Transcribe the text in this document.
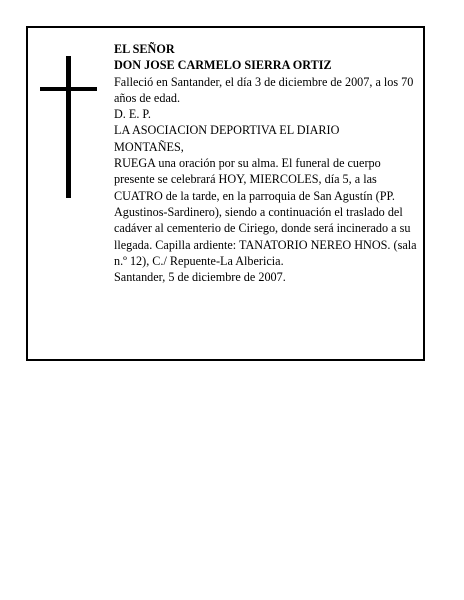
EL SEÑOR

DON JOSE CARMELO SIERRA ORTIZ

Falleció en Santander, el día 3 de diciembre de 2007, a los 70 años de edad.

D. E. P.

LA ASOCIACION DEPORTIVA EL DIARIO

MONTAÑES,

RUEGA una oración por su alma. El funeral de cuerpo presente se celebrará HOY, MIERCOLES, día 5, a las CUATRO de la tarde, en la parroquia de San Agustín (PP. Agustinos-Sardinero), siendo a continuación el traslado del cadáver al cementerio de Ciriego, donde será incinerado a su llegada. Capilla ardiente: TANATORIO NEREO HNOS. (sala n.º 12), C./ Repuente-La Albericia.

Santander, 5 de diciembre de 2007.
